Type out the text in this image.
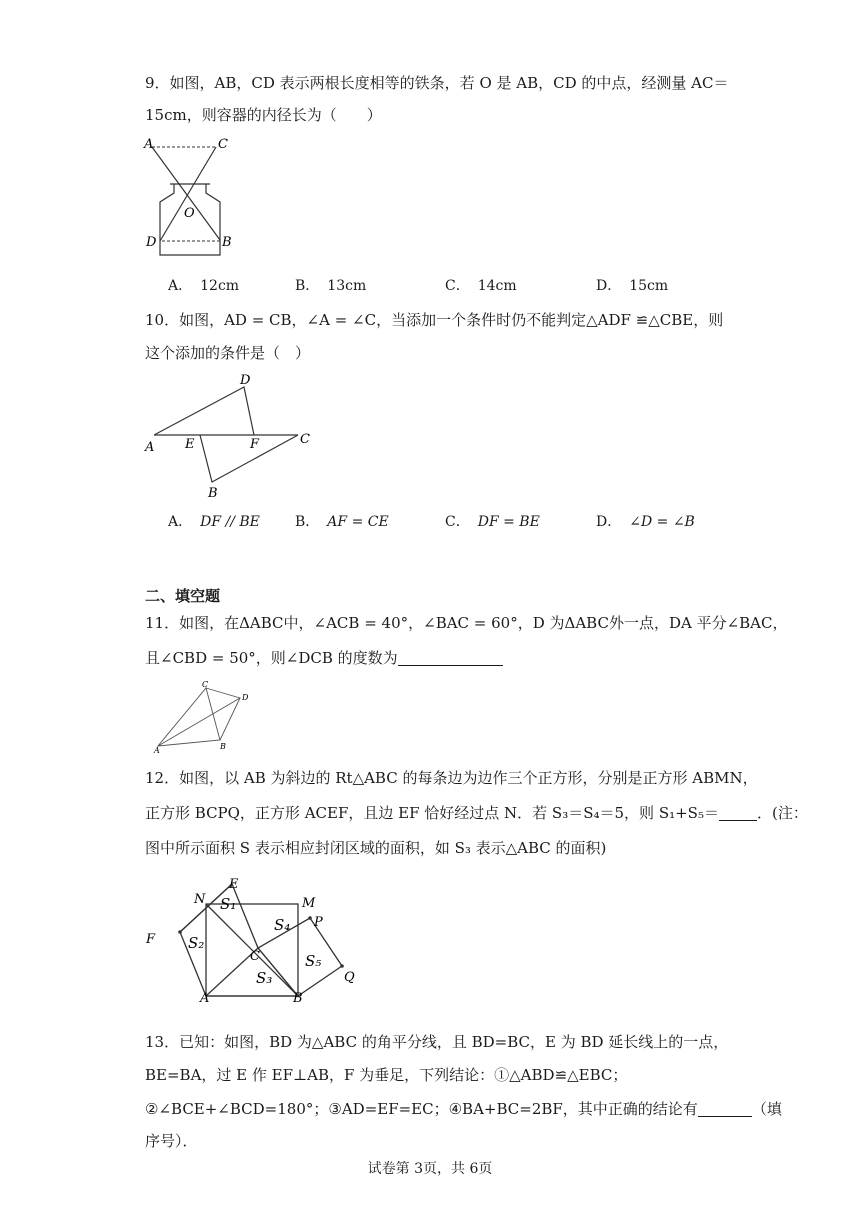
9．如图，AB，CD 表示两根长度相等的铁条，若 O 是 AB，CD 的中点，经测量 AC＝
15cm，则容器的内径长为（　　）
A	C
O
D	B
A． 12cm	B． 13cm	C． 14cm	D． 15cm
10．如图，AD = CB，∠A = ∠C，当添加一个条件时仍不能判定△ADF ≌△CBE，则
这个添加的条件是（　）
D
A E	F	C
B
A． DF // BE	B． AF = CE	C． DF = BE	D． ∠D = ∠B
二、填空题
11．如图，在ΔABC中，∠ACB = 40°，∠BAC = 60°，D 为ΔABC外一点，DA 平分∠BAC，
且∠CBD = 50°，则∠DCB 的度数为
C
D
A	B
12．如图，以 AB 为斜边的 Rt△ABC 的每条边为边作三个正方形，分别是正方形 ABMN，
正方形 BCPQ，正方形 ACEF，且边 EF 恰好经过点 N．若 S₃＝S₄＝5，则 S₁+S₅＝	．(注：
图中所示面积 S 表示相应封闭区域的面积，如 S₃ 表示△ABC 的面积)
N
E
M
P
F
C
Q
A	B
S₁
S₂
S₃
S₄
S₅
13．已知：如图，BD 为△ABC 的角平分线，且 BD=BC，E 为 BD 延长线上的一点，
BE=BA，过 E 作 EF⊥AB，F 为垂足，下列结论：①△ABD≌△EBC；
②∠BCE+∠BCD=180°；③AD=EF=EC；④BA+BC=2BF，其中正确的结论有	（填
序号）．
试卷第 3页，共 6页
